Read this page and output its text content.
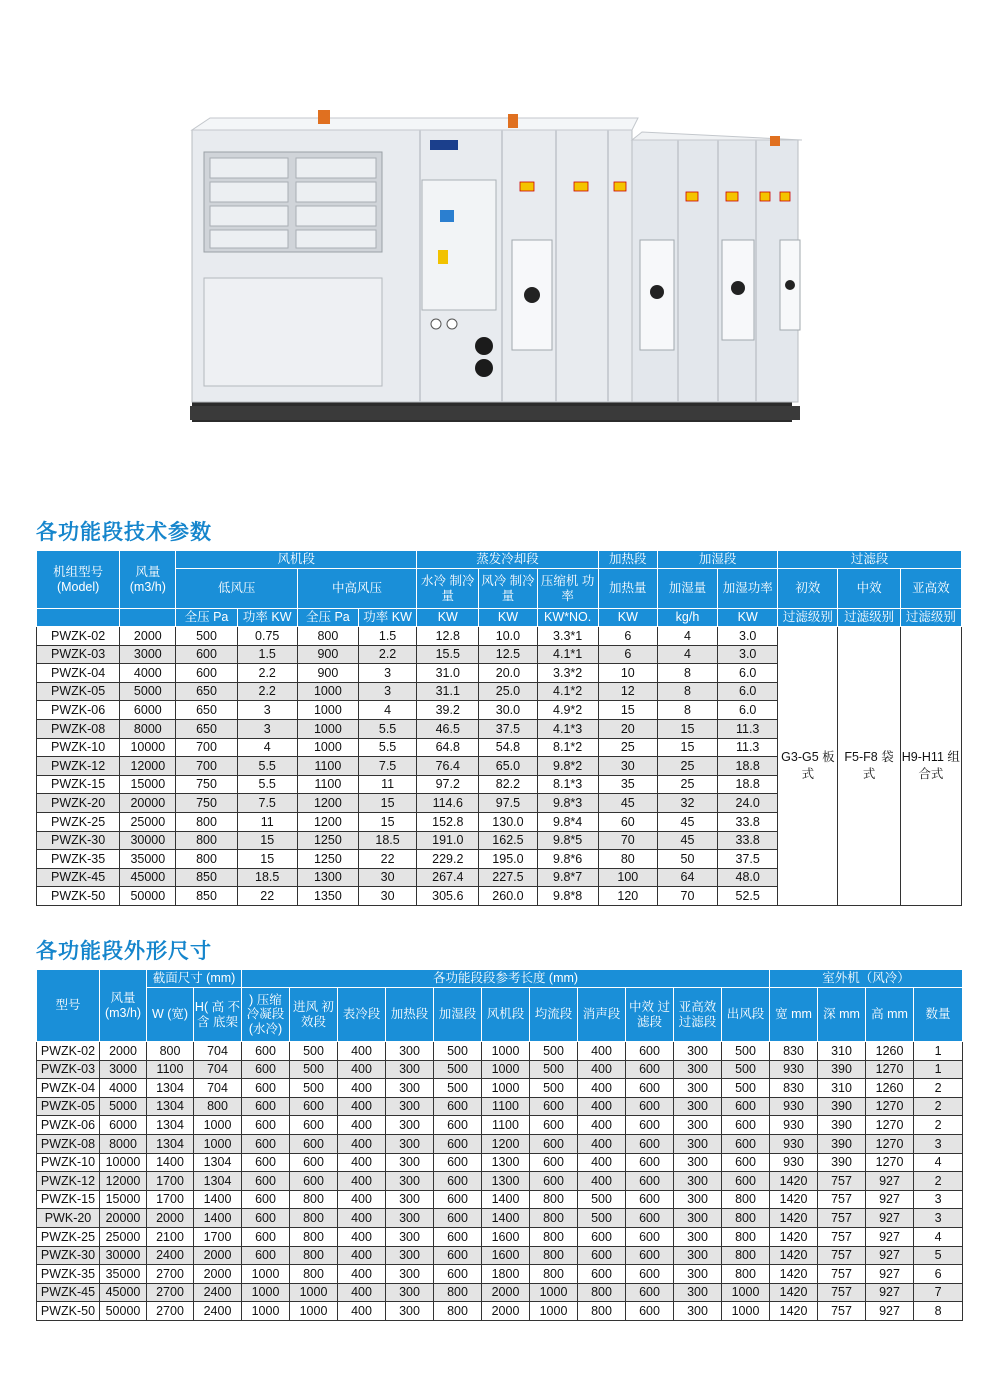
各功能段技术参数
机组型号 (Model)	风量 (m3/h)	风机段				蒸发冷却段			加热段	加湿段		过滤段		
		低风压		中高风压		水冷 制冷量	风冷 制冷量	压缩机 功率	加热量	加湿量	加湿功率	初效	中效	亚高效
		全压 Pa	功率 KW	全压 Pa	功率 KW	KW	KW	KW*NO.	KW	kg/h	KW	过滤级别	过滤级别	过滤级别
PWZK-02	2000	500	0.75	800	1.5	12.8	10.0	3.3*1	6	4	3.0	G3-G5 板式	F5-F8 袋式	H9-H11 组合式
PWZK-03	3000	600	1.5	900	2.2	15.5	12.5	4.1*1	6	4	3.0			
PWZK-04	4000	600	2.2	900	3	31.0	20.0	3.3*2	10	8	6.0			
PWZK-05	5000	650	2.2	1000	3	31.1	25.0	4.1*2	12	8	6.0			
PWZK-06	6000	650	3	1000	4	39.2	30.0	4.9*2	15	8	6.0			
PWZK-08	8000	650	3	1000	5.5	46.5	37.5	4.1*3	20	15	11.3			
PWZK-10	10000	700	4	1000	5.5	64.8	54.8	8.1*2	25	15	11.3			
PWZK-12	12000	700	5.5	1100	7.5	76.4	65.0	9.8*2	30	25	18.8			
PWZK-15	15000	750	5.5	1100	11	97.2	82.2	8.1*3	35	25	18.8			
PWZK-20	20000	750	7.5	1200	15	114.6	97.5	9.8*3	45	32	24.0			
PWZK-25	25000	800	11	1200	15	152.8	130.0	9.8*4	60	45	33.8			
PWZK-30	30000	800	15	1250	18.5	191.0	162.5	9.8*5	70	45	33.8			
PWZK-35	35000	800	15	1250	22	229.2	195.0	9.8*6	80	50	37.5			
PWZK-45	45000	850	18.5	1300	30	267.4	227.5	9.8*7	100	64	48.0			
PWZK-50	50000	850	22	1350	30	305.6	260.0	9.8*8	120	70	52.5			
各功能段外形尺寸
型号	风量 (m3/h)	截面尺寸 (mm)		各功能段段参考长度 (mm)											室外机（风冷）			
		W (宽)	H( 高 不含 底架	) 压缩 冷凝段 (水冷)	进风 初效段	表冷段	加热段	加湿段	风机段	均流段	消声段	中效 过滤段	亚高效 过滤段	出风段	宽 mm	深 mm	高 mm	数量
PWZK-02	2000	800	704	600	500	400	300	500	1000	500	400	600	300	500	830	310	1260	1
PWZK-03	3000	1100	704	600	500	400	300	500	1000	500	400	600	300	500	930	390	1270	1
PWZK-04	4000	1304	704	600	500	400	300	500	1000	500	400	600	300	500	830	310	1260	2
PWZK-05	5000	1304	800	600	600	400	300	600	1100	600	400	600	300	600	930	390	1270	2
PWZK-06	6000	1304	1000	600	600	400	300	600	1100	600	400	600	300	600	930	390	1270	2
PWZK-08	8000	1304	1000	600	600	400	300	600	1200	600	400	600	300	600	930	390	1270	3
PWZK-10	10000	1400	1304	600	600	400	300	600	1300	600	400	600	300	600	930	390	1270	4
PWZK-12	12000	1700	1304	600	600	400	300	600	1300	600	400	600	300	600	1420	757	927	2
PWZK-15	15000	1700	1400	600	800	400	300	600	1400	800	500	600	300	800	1420	757	927	3
PWK-20	20000	2000	1400	600	800	400	300	600	1400	800	500	600	300	800	1420	757	927	3
PWZK-25	25000	2100	1700	600	800	400	300	600	1600	800	600	600	300	800	1420	757	927	4
PWZK-30	30000	2400	2000	600	800	400	300	600	1600	800	600	600	300	800	1420	757	927	5
PWZK-35	35000	2700	2000	1000	800	400	300	600	1800	800	600	600	300	800	1420	757	927	6
PWZK-45	45000	2700	2400	1000	1000	400	300	800	2000	1000	800	600	300	1000	1420	757	927	7
PWZK-50	50000	2700	2400	1000	1000	400	300	800	2000	1000	800	600	300	1000	1420	757	927	8
